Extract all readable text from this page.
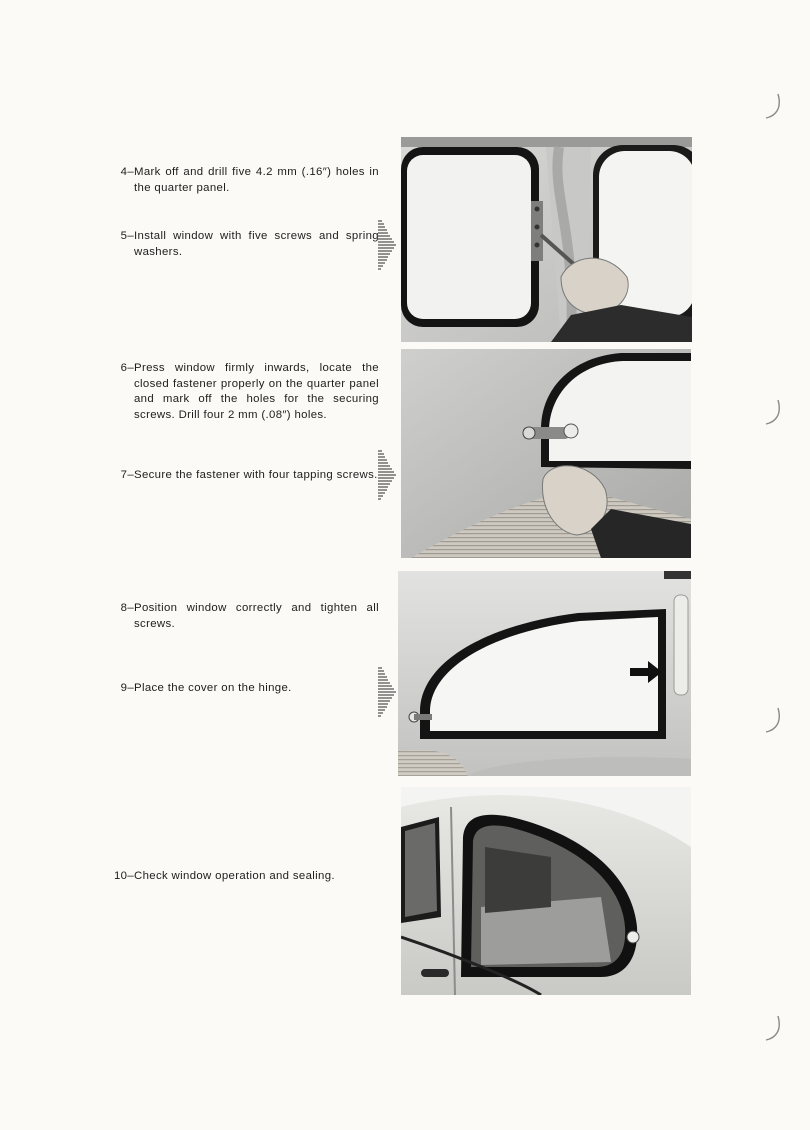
4– Mark off and drill five 4.2 mm (.16″) holes in the quarter panel.
5– Install window with five screws and spring washers.
6– Press window firmly inwards, locate the closed fastener properly on the quarter panel and mark off the holes for the securing screws. Drill four 2 mm (.08″) holes.
7– Secure the fastener with four tapping screws.
8– Position window correctly and tighten all screws.
9– Place the cover on the hinge.
10– Check window operation and sealing.
